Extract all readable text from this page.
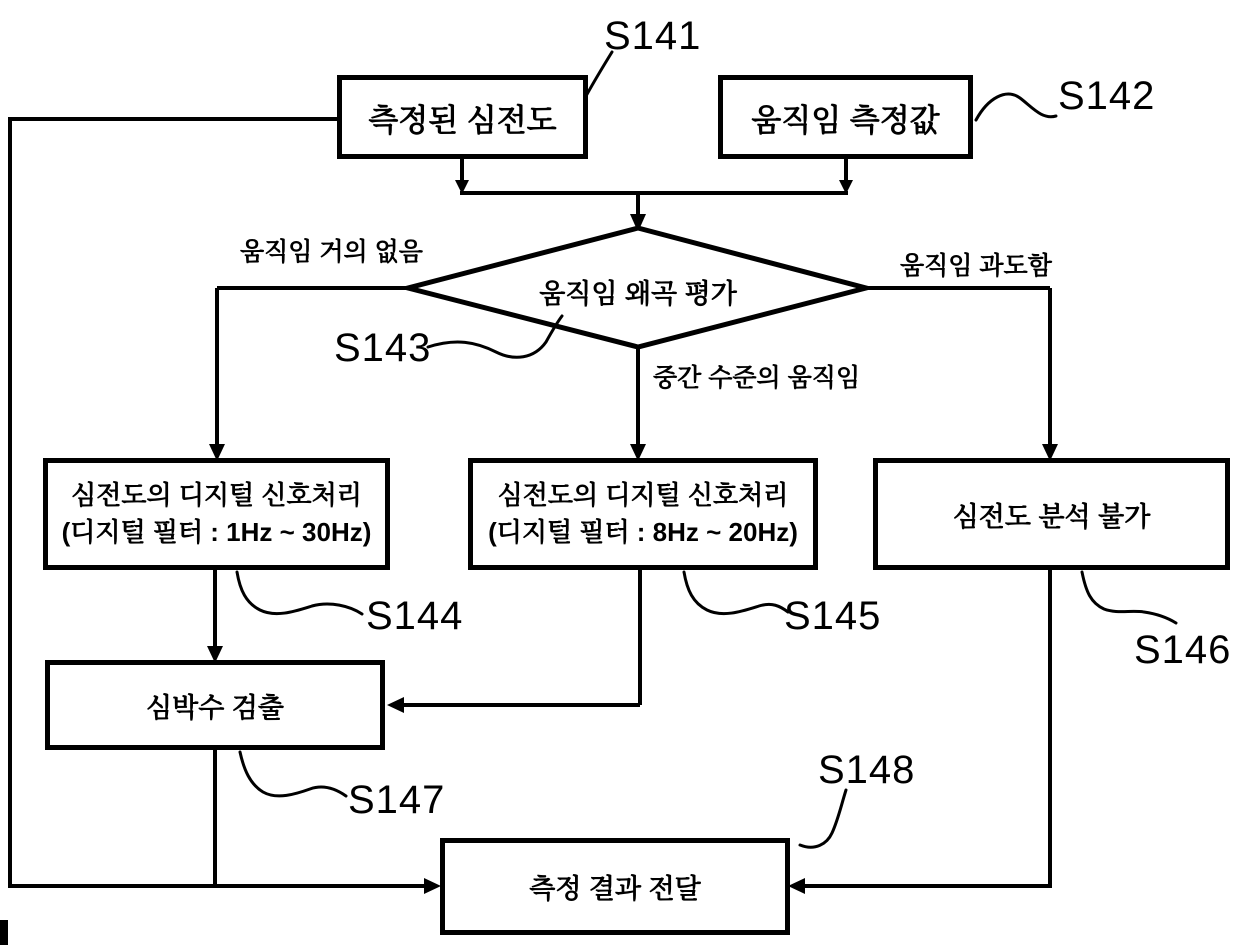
측정된 심전도	움직임 측정값
심전도의 디지털 신호처리
(디지털 필터 : 1Hz ~ 30Hz)
심전도의 디지털 신호처리
(디지털 필터 : 8Hz ~ 20Hz)
심전도 분석 불가
심박수 검출
측정 결과 전달
움직임 왜곡 평가
움직임 거의 없음	움직임 과도함
중간 수준의 움직임
S141
S142
S143
S144	S145
S146
S147
S148
